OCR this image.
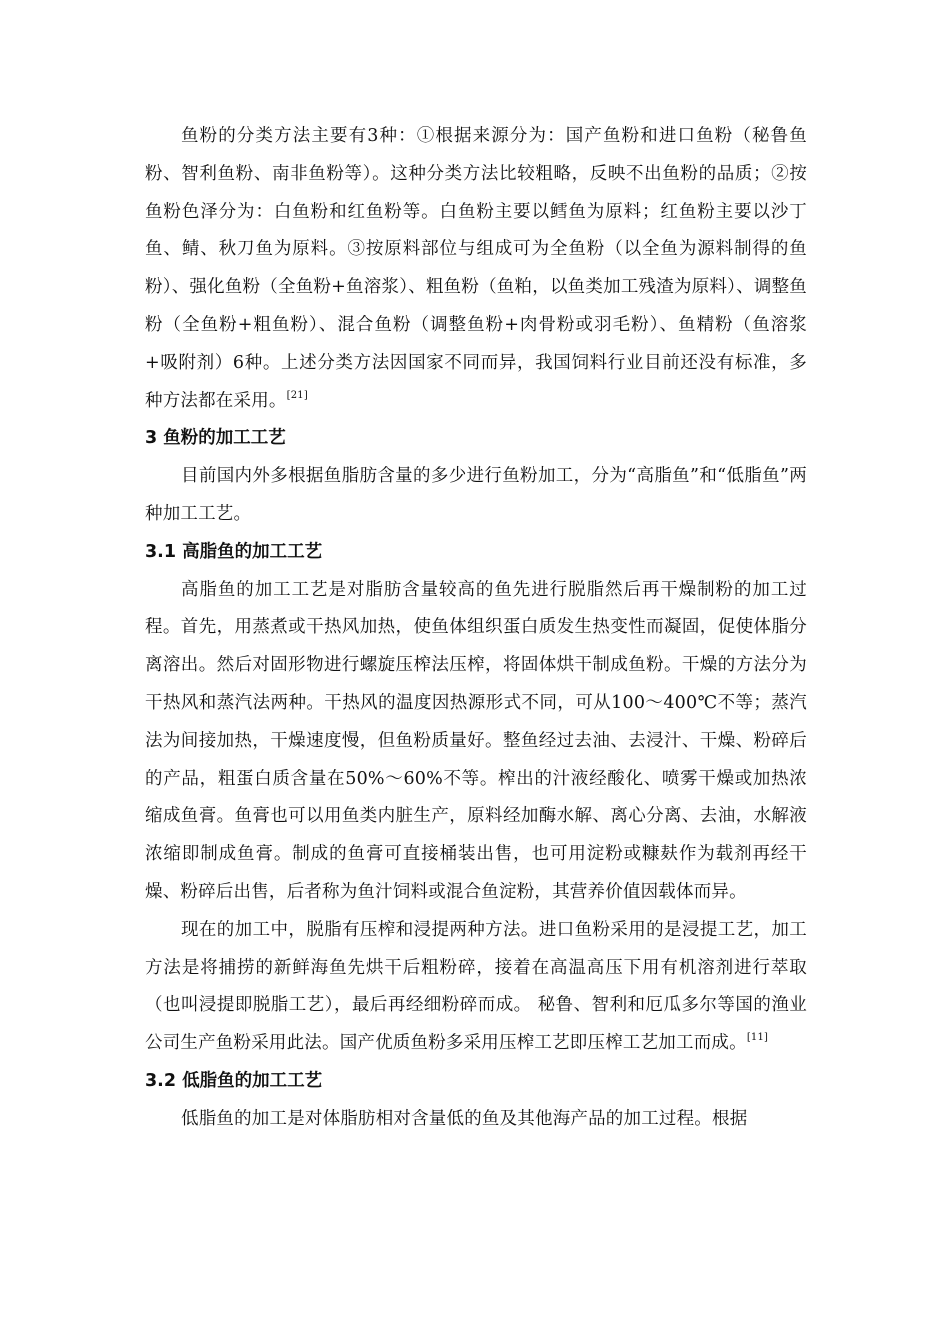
鱼粉的分类方法主要有3种：①根据来源分为：国产鱼粉和进口鱼粉（秘鲁鱼粉、智利鱼粉、南非鱼粉等）。这种分类方法比较粗略，反映不出鱼粉的品质；②按鱼粉色泽分为：白鱼粉和红鱼粉等。白鱼粉主要以鳕鱼为原料；红鱼粉主要以沙丁鱼、鲭、秋刀鱼为原料。③按原料部位与组成可为全鱼粉（以全鱼为源料制得的鱼粉）、强化鱼粉（全鱼粉+鱼溶浆）、粗鱼粉（鱼粕，以鱼类加工残渣为原料）、调整鱼粉（全鱼粉+粗鱼粉）、混合鱼粉（调整鱼粉+肉骨粉或羽毛粉）、鱼精粉（鱼溶浆+吸附剂）6种。上述分类方法因国家不同而异，我国饲料行业目前还没有标准，多种方法都在采用。[21]

3 鱼粉的加工工艺

目前国内外多根据鱼脂肪含量的多少进行鱼粉加工，分为“高脂鱼”和“低脂鱼”两种加工工艺。

3.1 高脂鱼的加工工艺

高脂鱼的加工工艺是对脂肪含量较高的鱼先进行脱脂然后再干燥制粉的加工过程。首先，用蒸煮或干热风加热，使鱼体组织蛋白质发生热变性而凝固，促使体脂分离溶出。然后对固形物进行螺旋压榨法压榨，将固体烘干制成鱼粉。干燥的方法分为干热风和蒸汽法两种。干热风的温度因热源形式不同，可从100～400℃不等；蒸汽法为间接加热，干燥速度慢，但鱼粉质量好。整鱼经过去油、去浸汁、干燥、粉碎后的产品，粗蛋白质含量在50%～60%不等。榨出的汁液经酸化、喷雾干燥或加热浓缩成鱼膏。鱼膏也可以用鱼类内脏生产，原料经加酶水解、离心分离、去油，水解液浓缩即制成鱼膏。制成的鱼膏可直接桶装出售，也可用淀粉或糠麸作为载剂再经干燥、粉碎后出售，后者称为鱼汁饲料或混合鱼淀粉，其营养价值因载体而异。

现在的加工中，脱脂有压榨和浸提两种方法。进口鱼粉采用的是浸提工艺，加工方法是将捕捞的新鲜海鱼先烘干后粗粉碎，接着在高温高压下用有机溶剂进行萃取（也叫浸提即脱脂工艺），最后再经细粉碎而成。 秘鲁、智利和厄瓜多尔等国的渔业公司生产鱼粉采用此法。国产优质鱼粉多采用压榨工艺即压榨工艺加工而成。[11]

3.2 低脂鱼的加工工艺

低脂鱼的加工是对体脂肪相对含量低的鱼及其他海产品的加工过程。根据
